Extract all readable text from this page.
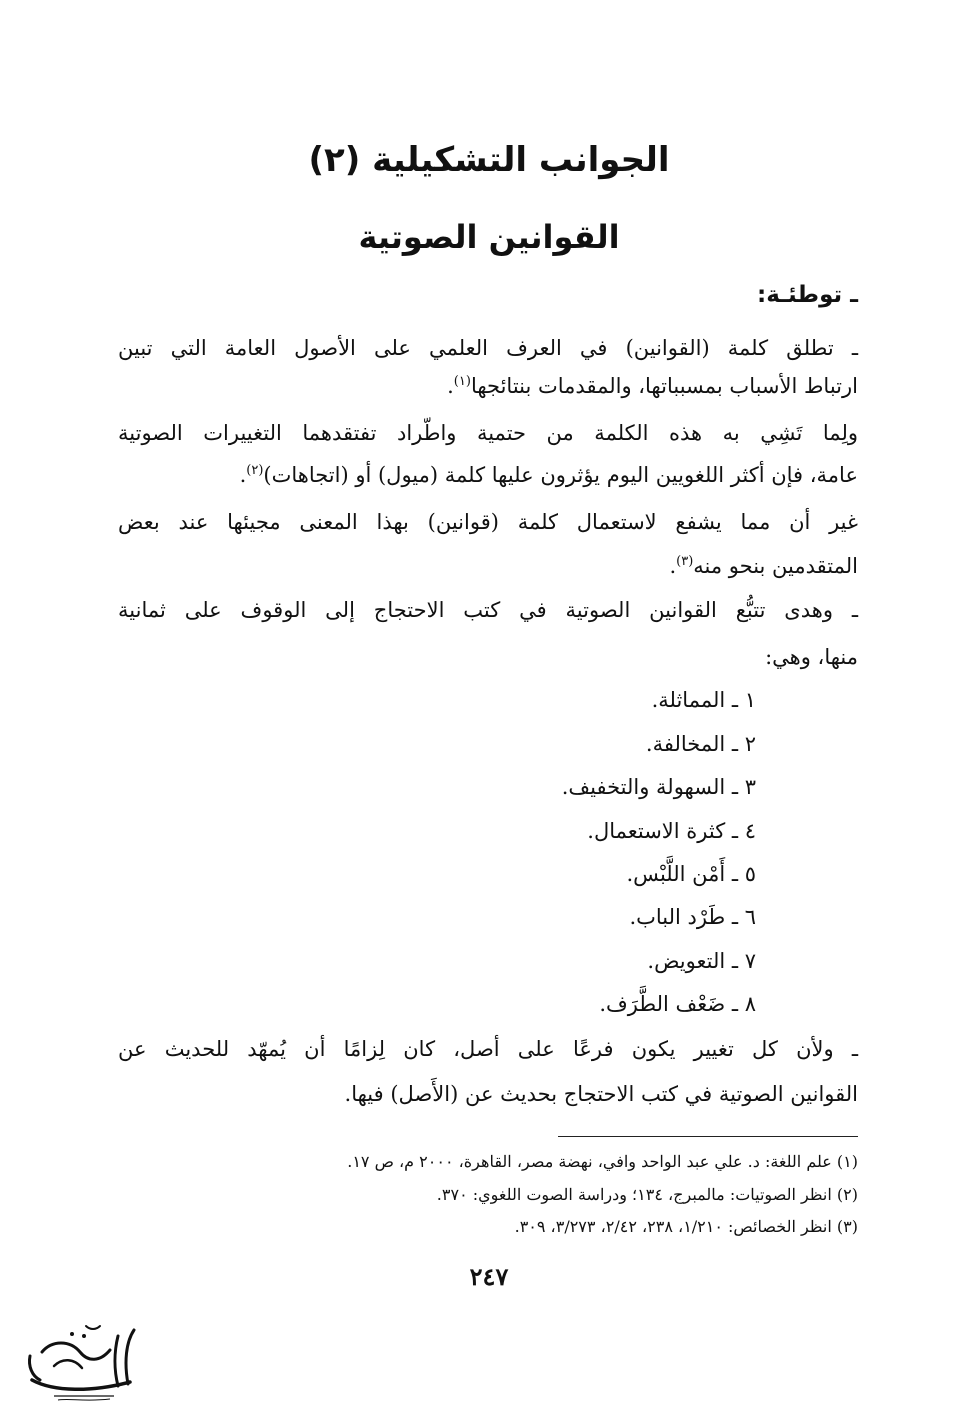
الجوانب التشكيلية (٢)
القوانين الصوتية
ـ توطئـة:

ـ تطلق كلمة (القوانين) في العرف العلمي على الأصول العامة التي تبين

ارتباط الأسباب بمسبباتها، والمقدمات بنتائجها$^{(١)}$.

ولِما تَشِي به هذه الكلمة من حتمية واطّراد تفتقدهما التغييرات الصوتية

عامة، فإن أكثر اللغويين اليوم يؤثرون عليها كلمة (ميول) أو (اتجاهات)$^{(٢)}$.

غير أن مما يشفع لاستعمال كلمة (قوانين) بهذا المعنى مجيئها عند بعض

المتقدمين بنحو منه$^{(٣)}$.

ـ وهدى تتبُّع القوانين الصوتية في كتب الاحتجاج إلى الوقوف على ثمانية

منها، وهي:

١ ـ المماثلة.

٢ ـ المخالفة.

٣ ـ السهولة والتخفيف.

٤ ـ كثرة الاستعمال.

٥ ـ أَمْن اللَّبْس.

٦ ـ طَرْد الباب.

٧ ـ التعويض.

٨ ـ ضَعْف الطَّرَف.

ـ ولأن كل تغيير يكون فرعًا على أصل، كان لِزامًا أن يُمهّد للحديث عن

القوانين الصوتية في كتب الاحتجاج بحديث عن (الأَصل) فيها.

(١) علم اللغة: د. علي عبد الواحد وافي، نهضة مصر، القاهرة، ٢٠٠٠ م، ص ١٧.

(٢) انظر الصوتيات: مالمبرج، ١٣٤؛ ودراسة الصوت اللغوي: ٣٧٠.

(٣) انظر الخصائص: ١/٢١٠، ٢٣٨، ٢/٤٢، ٣/٢٧٣، ٣٠٩.

٢٤٧
